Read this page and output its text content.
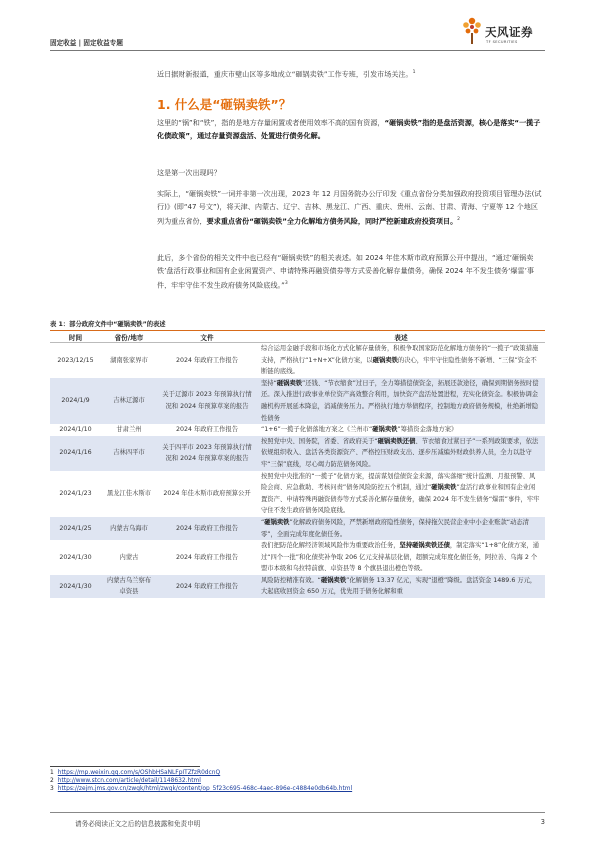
固定收益 | 固定收益专题
天风证券
TF SECURITIES

近日据财新报道，重庆市璧山区等多地成立“砸锅卖铁”工作专班，引发市场关注。$^1$

1. 什么是“砸锅卖铁”？

这里的“锅”和“铁”，指的是地方存量闲置或者使用效率不高的国有资源，“砸锅卖铁”指的是盘活资源，核心是落实“一揽子化债政策”，通过存量资源盘活、处置进行债务化解。

这是第一次出现吗？

实际上，“砸锅卖铁”一词并非第一次出现，2023 年 12 月国务院办公厅印发《重点省份分类加强政府投资项目管理办法(试行)》(即“47 号文”)，将天津、内蒙古、辽宁、吉林、黑龙江、广西、重庆、贵州、云南、甘肃、青海、宁夏等 12 个地区列为重点省份，要求重点省份“砸锅卖铁”全力化解地方债务风险，同时严控新建政府投资项目。$^2$

此后，多个省份的相关文件中也已经有“砸锅卖铁”的相关表述。如 2024 年佳木斯市政府预算公开中提出，“通过‘砸锅卖铁’盘活行政事业和国有企业闲置资产、申请特殊再融资债券等方式妥善化解存量债务，确保 2024 年不发生债务‘爆雷’事件，牢牢守住不发生政府债务风险底线。”$^3$

表 1：部分政府文件中“砸锅卖铁”的表述
时间	省份/地市	文件	表述
2023/12/15	湖南张家界市	2024 年政府工作报告	综合运用金融手段和市场化方式化解存量债务，积极争取国家防范化解地方债务的“一揽子”政策措施支持，严格执行“1+N+X”化债方案，以砸锅卖铁的决心，牢牢守住隐性债务不新增、“三保”资金不断链的底线。
2024/1/9	吉林辽源市	关于辽源市 2023 年预算执行情况和 2024 年预算草案的报告	坚持“砸锅卖铁”还钱、“节衣缩食”过日子，全力筹措偿债资金，拓展还款途径，确保到期债务按时偿还。深入推进行政事业单位资产高效整合利用，加快资产盘活处置进程，充实化债资金。积极协调金融机构开展延本降息，消减债务压力。严格执行地方举债程序，控制地方政府债务规模，杜绝新增隐性债务
2024/1/10	甘肃兰州	2024 年政府工作报告	“1+6”一揽子化债落地方案之《兰州市“砸锅卖铁”筹措资金落地方案》
2024/1/16	吉林四平市	关于四平市 2023 年预算执行情况和 2024 年预算草案的报告	按照党中央、国务院，省委、省政府关于“砸锅卖铁还债、节衣缩食过紧日子”一系列政策要求，依法依规组织收入、盘活各类资源资产、严格控压财政支出、逐步压减编外财政供养人员，全力以赴守牢“三保”底线，尽心竭力防范债务风险。
2024/1/23	黑龙江佳木斯市	2024 年佳木斯市政府预算公开	按照党中央批准的“一揽子”化债方案，提前谋划偿债资金来源，落实落细“统计监测、月报预警、风险会商、应急救助、考核问责”债务风险防控五个机制，通过“砸锅卖铁”盘活行政事业和国有企业闲置资产、申请特殊再融资债券等方式妥善化解存量债务，确保 2024 年不发生债务“爆雷”事件，牢牢守住不发生政府债务风险底线。
2024/1/25	内蒙古乌海市	2024 年政府工作报告	“砸锅卖铁”化解政府债务风险，严禁新增政府隐性债务，保持拖欠民营企业中小企业账款“动态清零”，全面完成年度化债任务。
2024/1/30	内蒙古	2024 年政府工作报告	我们把防范化解经济领域风险作为重要政治任务，坚持砸锅卖铁还债，制定落实“1+8”化债方案，通过“四个一批”和化债奖补争取 206 亿元支持基层化债，超额完成年度化债任务，阿拉善、乌海 2 个盟市本级和乌拉特前旗、卓资县等 8 个旗县退出橙色等级。
2024/1/30	内蒙古乌兰察布卓资县	2024 年政府工作报告	风险防控精准有效。“砸锅卖铁”化解债务 13.37 亿元，实现“退橙”降级。盘活资金 1489.6 万元，大起底收回资金 650 万元，优先用于债务化解和重
1 https://mp.weixin.qq.com/s/OShbHSaNLFpITZfzR0dcnQ
2 http://www.stcn.com/article/detail/1148632.html
3 https://zejm.jms.gov.cn/zwgk/html/zwgk/content/op_5f23c695-468c-4aec-896e-c4884e0db64b.html
请务必阅读正文之后的信息披露和免责申明	3
